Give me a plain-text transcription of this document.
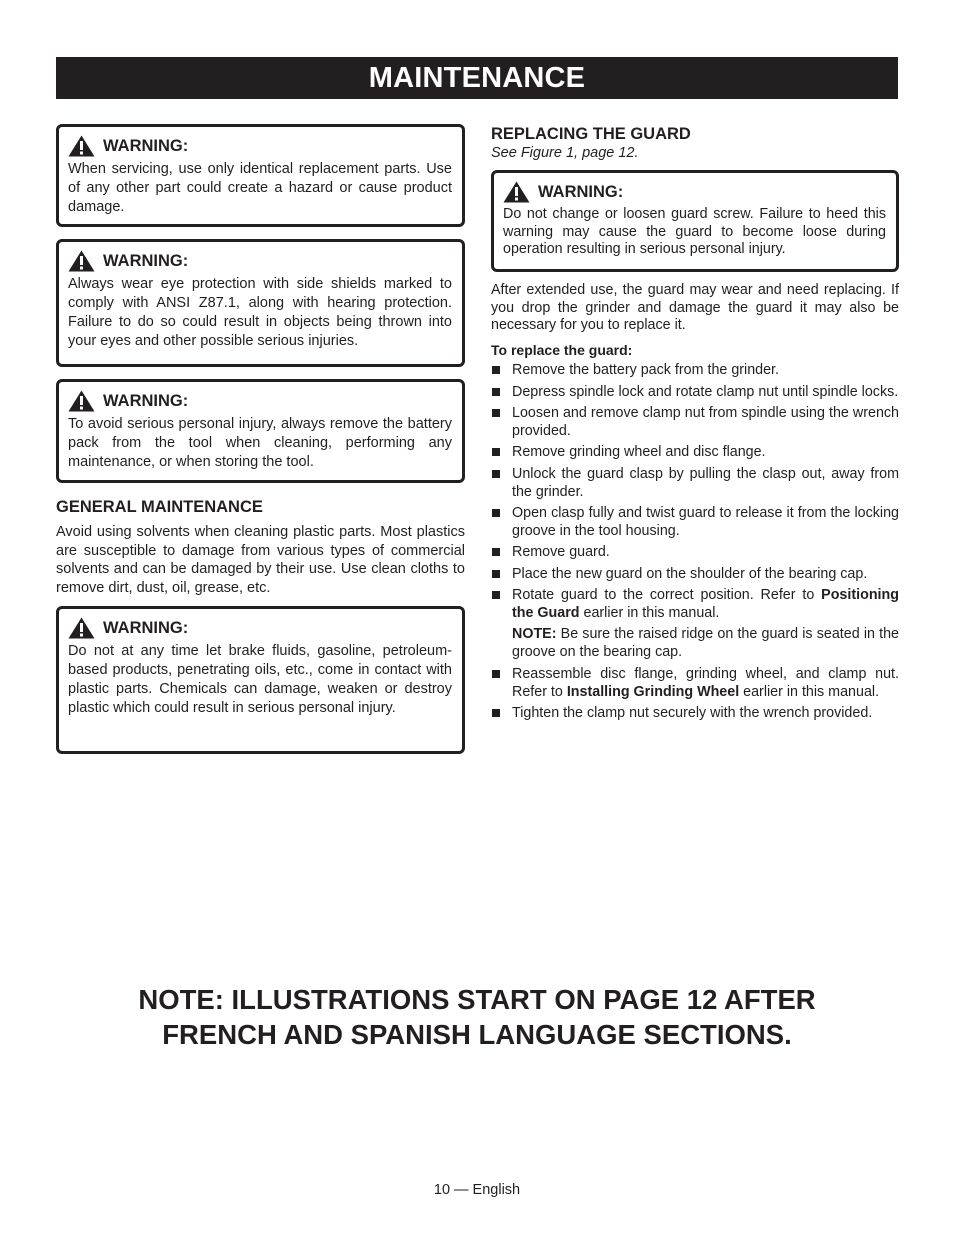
MAINTENANCE
WARNING:

When servicing, use only identical replacement parts. Use of any other part could create a hazard or cause product damage.

WARNING:

Always wear eye protection with side shields marked to comply with ANSI Z87.1, along with hearing protection. Failure to do so could result in objects being thrown into your eyes and other possible serious injuries.

WARNING:

To avoid serious personal injury, always remove the battery pack from the tool when cleaning, performing any maintenance, or when storing the tool.

GENERAL MAINTENANCE

Avoid using solvents when cleaning plastic parts. Most plastics are susceptible to damage from various types of commercial solvents and can be damaged by their use. Use clean cloths to remove dirt, dust, oil, grease, etc.

WARNING:

Do not at any time let brake fluids, gasoline, petroleum-based products, penetrating oils, etc., come in contact with plastic parts. Chemicals can damage, weaken or destroy plastic which could result in serious personal injury.

REPLACING THE GUARD

See Figure 1, page 12.

WARNING:

Do not change or loosen guard screw. Failure to heed this warning may cause the guard to become loose during operation resulting in serious personal injury.

After extended use, the guard may wear and need replacing. If you drop the grinder and damage the guard it may also be necessary for you to replace it.

To replace the guard:

Remove the battery pack from the grinder.
Depress spindle lock and rotate clamp nut until spindle locks.
Loosen and remove clamp nut from spindle using the wrench provided.
Remove grinding wheel and disc flange.
Unlock the guard clasp by pulling the clasp out, away from the grinder.
Open clasp fully and twist guard to release it from the locking groove in the tool housing.
Remove guard.
Place the new guard on the shoulder of the bearing cap.
Rotate guard to the correct position. Refer to Positioning the Guard earlier in this manual.
NOTE: Be sure the raised ridge on the guard is seated in the groove on the bearing cap.
Reassemble disc flange, grinding wheel, and clamp nut. Refer to Installing Grinding Wheel earlier in this manual.
Tighten the clamp nut securely with the wrench provided.
NOTE: ILLUSTRATIONS START ON PAGE 12 AFTER
FRENCH AND SPANISH LANGUAGE SECTIONS.
10 — English
